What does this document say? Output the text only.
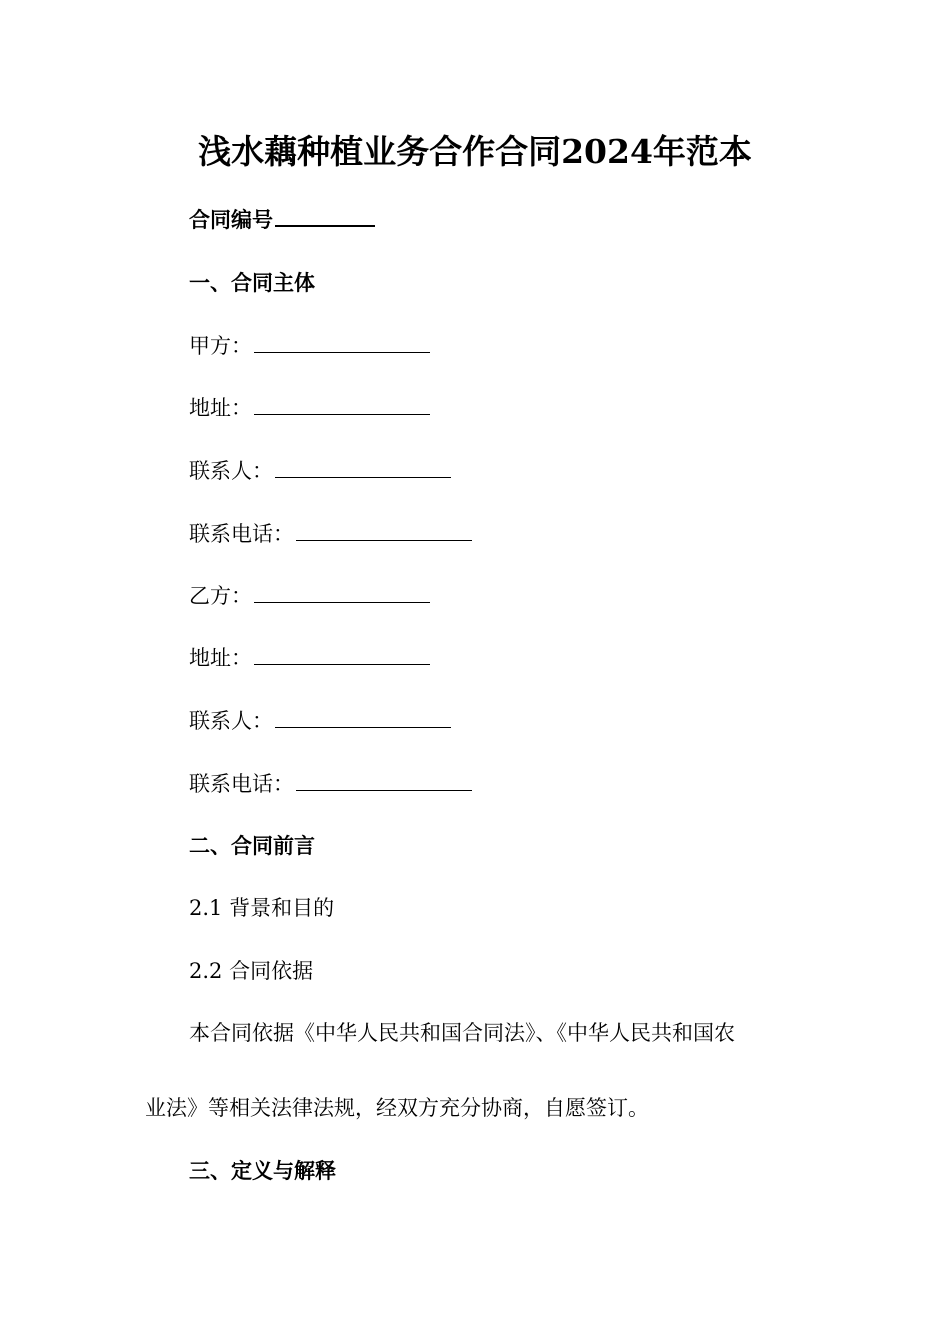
浅水藕种植业务合作合同2024年范本
合同编号
一、合同主体
甲方：
地址：
联系人：
联系电话：
乙方：
地址：
联系人：
联系电话：
二、合同前言
2.1 背景和目的
2.2 合同依据
本合同依据《中华人民共和国合同法》、《中华人民共和国农
业法》等相关法律法规，经双方充分协商，自愿签订。
三、定义与解释
